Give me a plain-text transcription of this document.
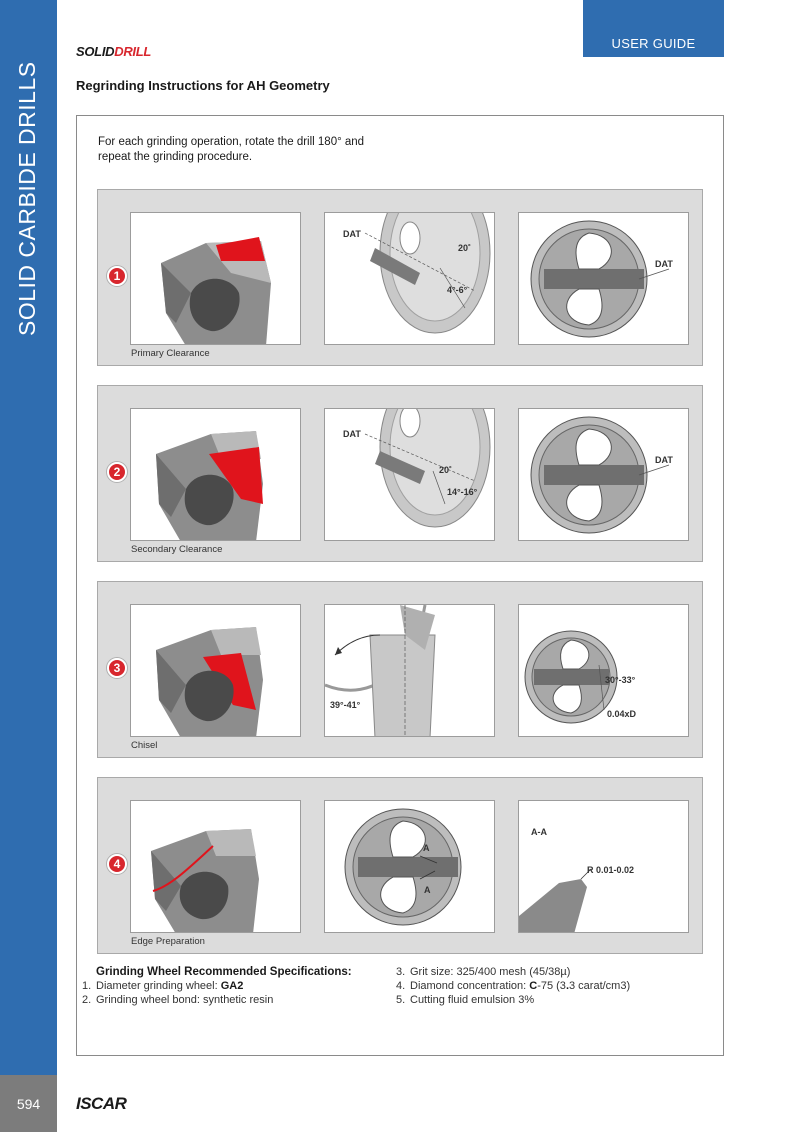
SOLID CARBIDE DRILLS
594
USER GUIDE
SOLIDDRILL
Regrinding Instructions for AH Geometry
For each grinding operation, rotate the drill 180° and repeat the grinding procedure.
DAT
20˚
4°-6°
DAT
1
Primary Clearance
DAT
20˚
14°-16°
DAT
2
Secondary Clearance
39°-41°
30°-33°
0.04xD
3
Chisel
A
A
A-A
R 0.01-0.02
4
Edge Preparation
Grinding Wheel Recommended Specifications:
1. Diameter grinding wheel: GA2
2. Grinding wheel bond: synthetic resin
3. Grit size: 325/400 mesh (45/38µ)
4. Diamond concentration: C-75 (3.3 carat/cm3)
5. Cutting fluid emulsion 3%
ISCAR
